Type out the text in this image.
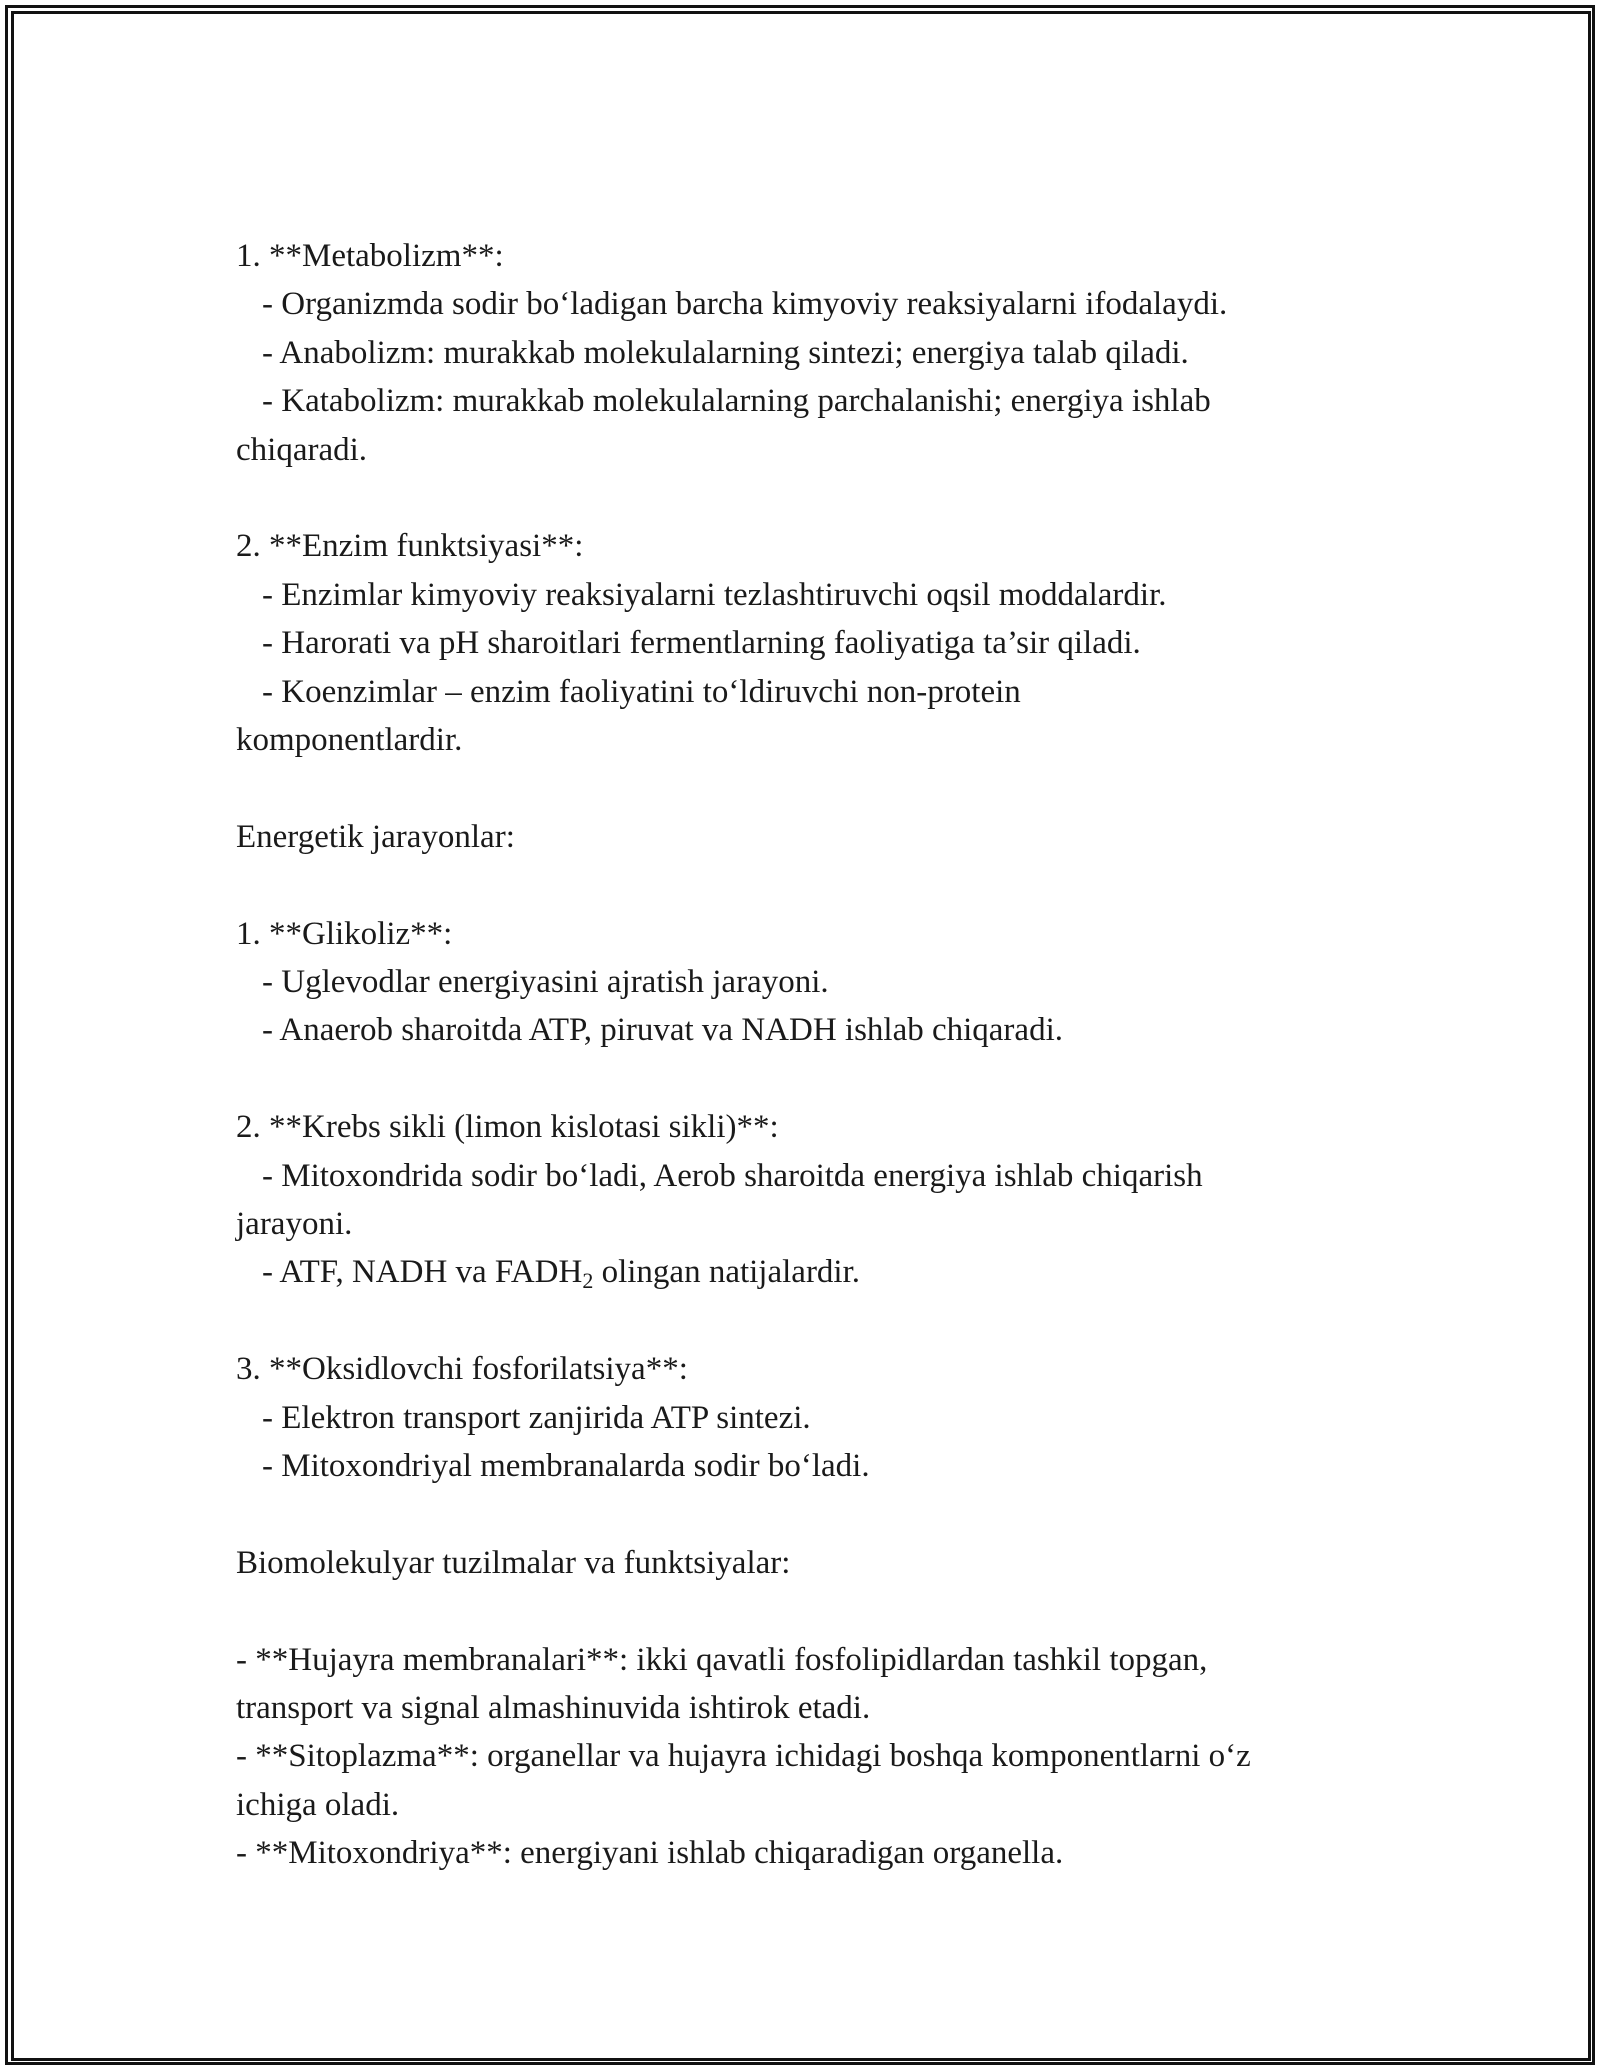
1. **Metabolizm**:

- Organizmda sodir bo‘ladigan barcha kimyoviy reaksiyalarni ifodalaydi.

- Anabolizm: murakkab molekulalarning sintezi; energiya talab qiladi.

- Katabolizm: murakkab molekulalarning parchalanishi; energiya ishlab

chiqaradi.

2. **Enzim funktsiyasi**:

- Enzimlar kimyoviy reaksiyalarni tezlashtiruvchi oqsil moddalardir.

- Harorati va pH sharoitlari fermentlarning faoliyatiga ta’sir qiladi.

- Koenzimlar – enzim faoliyatini to‘ldiruvchi non-protein

komponentlardir.

Energetik jarayonlar:

1. **Glikoliz**:

- Uglevodlar energiyasini ajratish jarayoni.

- Anaerob sharoitda ATP, piruvat va NADH ishlab chiqaradi.

2. **Krebs sikli (limon kislotasi sikli)**:

- Mitoxondrida sodir bo‘ladi, Aerob sharoitda energiya ishlab chiqarish

jarayoni.

- ATF, NADH va $FADH_2$ olingan natijalardir.

3. **Oksidlovchi fosforilatsiya**:

- Elektron transport zanjirida ATP sintezi.

- Mitoxondriyal membranalarda sodir bo‘ladi.

Biomolekulyar tuzilmalar va funktsiyalar:

- **Hujayra membranalari**: ikki qavatli fosfolipidlardan tashkil topgan,

transport va signal almashinuvida ishtirok etadi.

- **Sitoplazma**: organellar va hujayra ichidagi boshqa komponentlarni o‘z

ichiga oladi.

- **Mitoxondriya**: energiyani ishlab chiqaradigan organella.
